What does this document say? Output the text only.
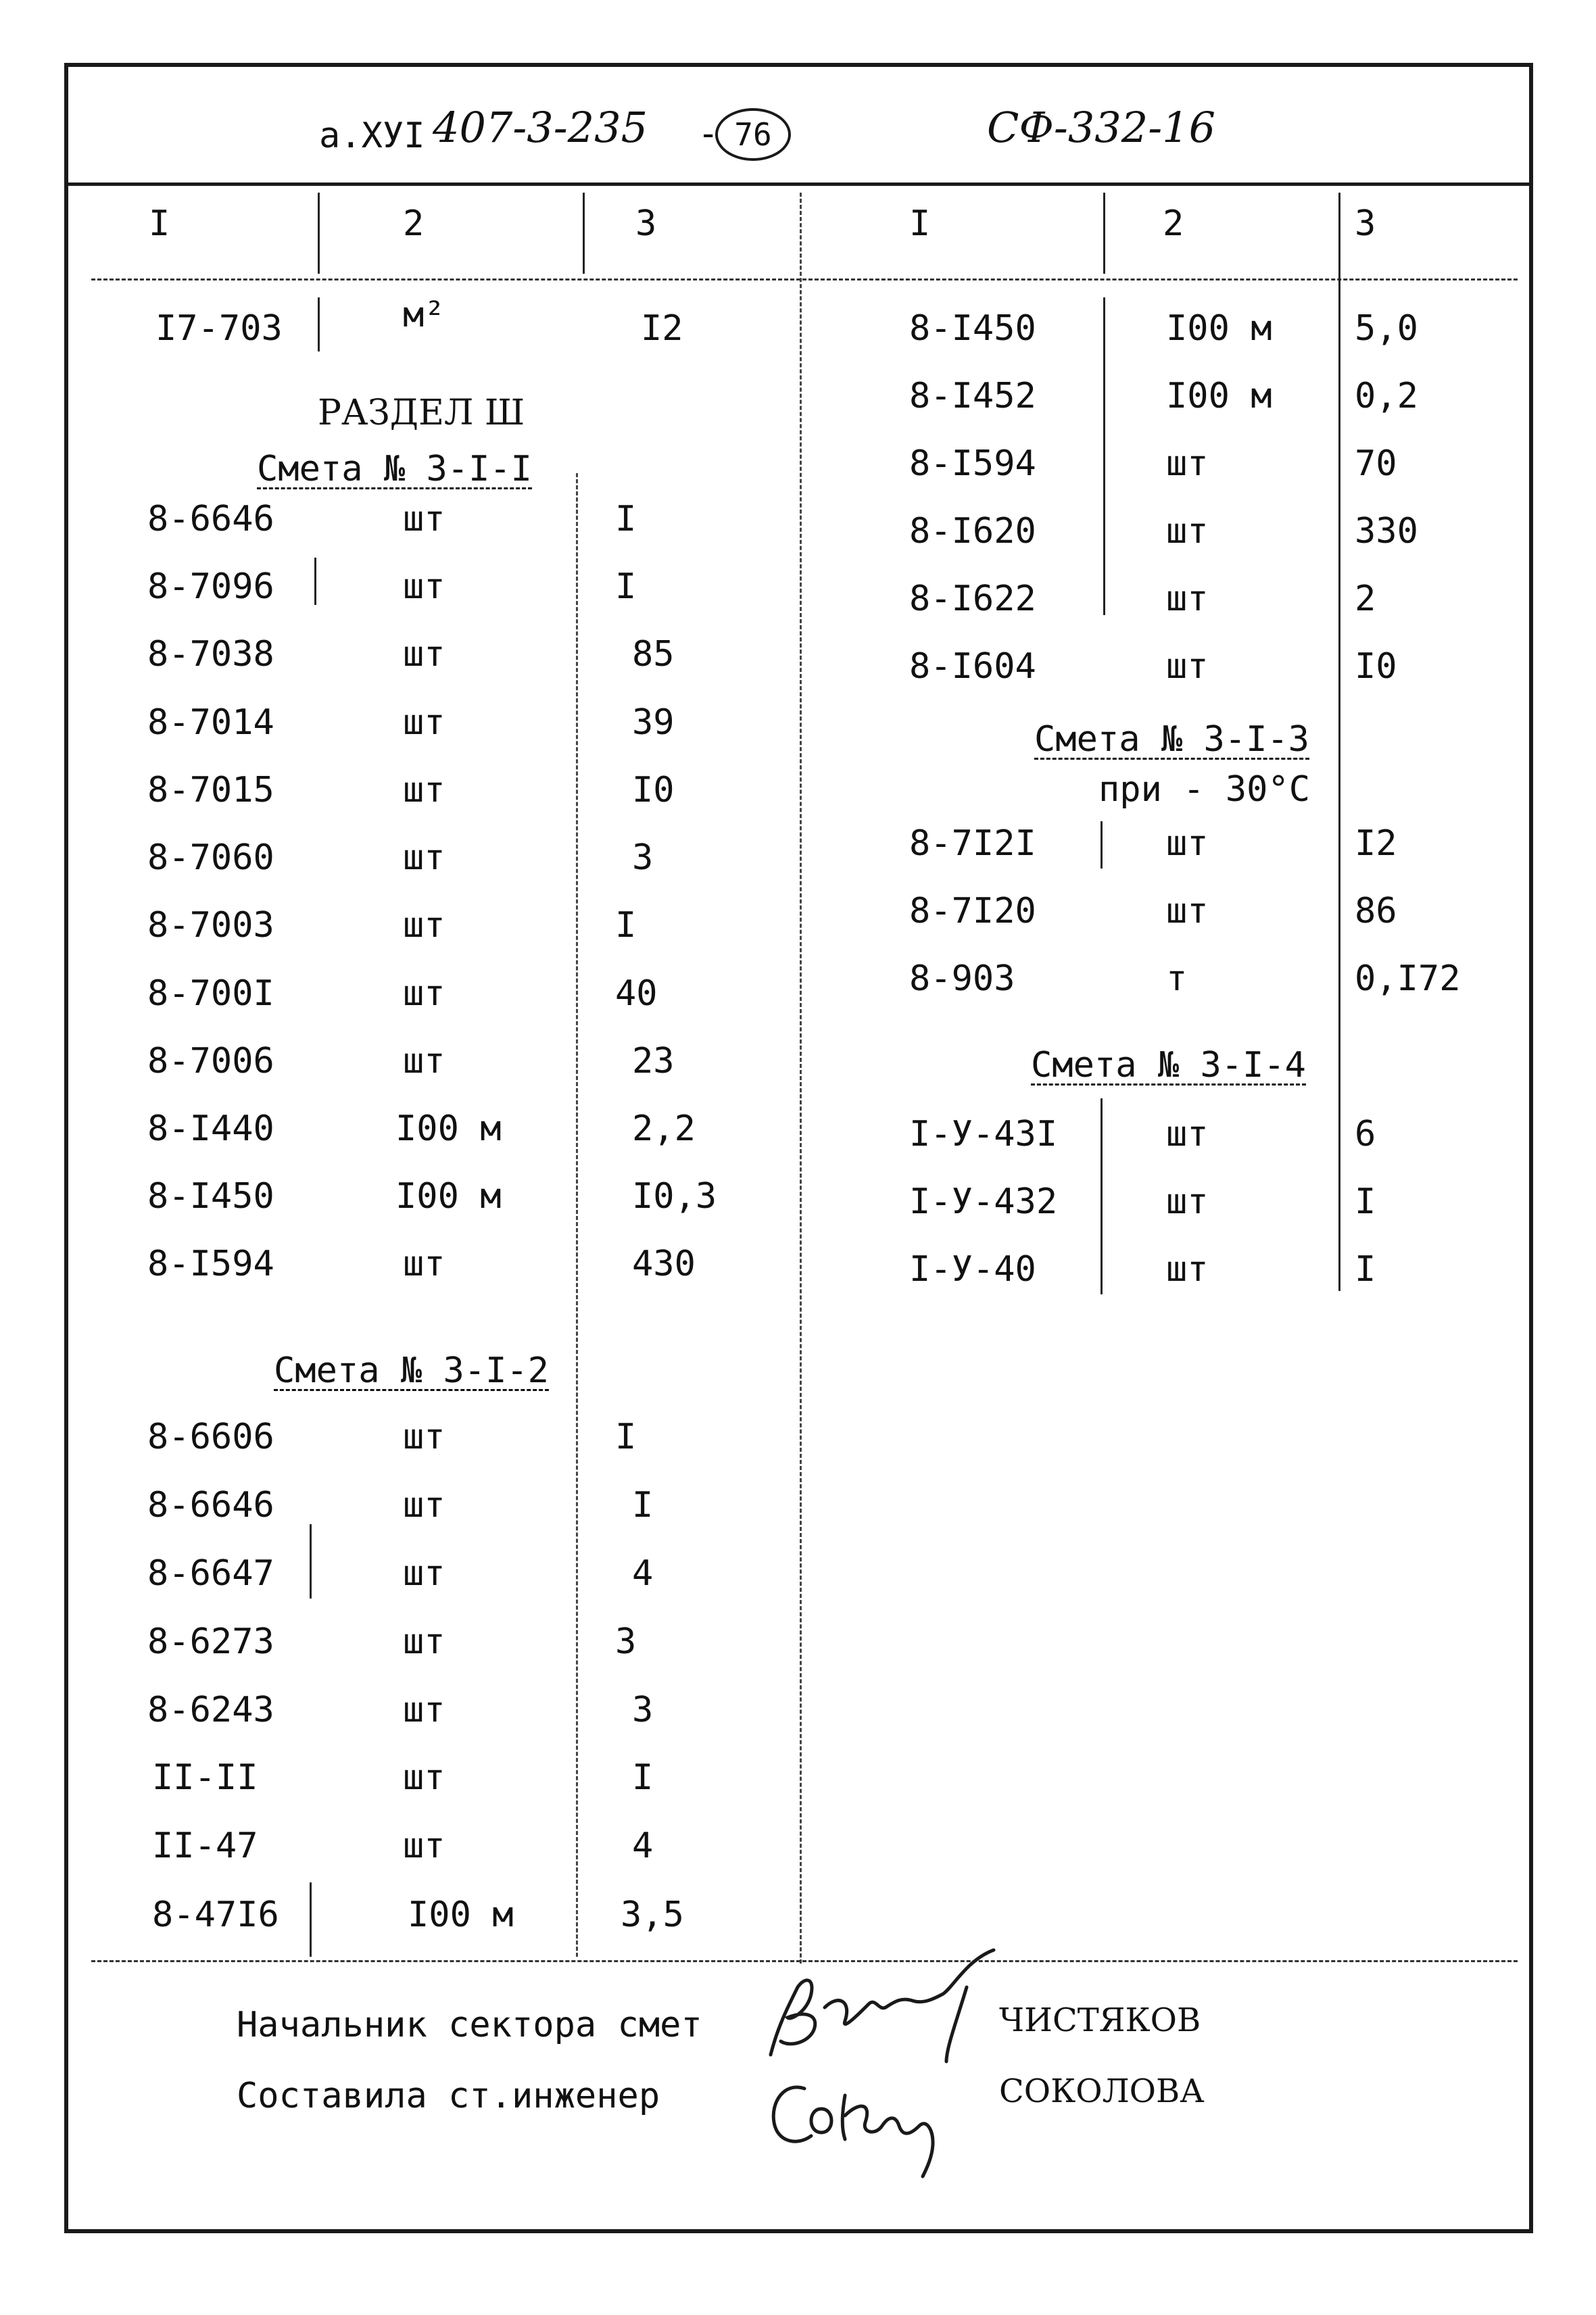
а.ХУI 407-3-235 - 76	СФ-332-16
I	2	3	I	2	3
I7-703	м²	I2
РАЗДЕЛ Ш
Смета № 3-I-I
8-6646	шт	I
8-7096	шт	I
8-7038	шт	85
8-7014	шт	39
8-7015	шт	I0
8-7060	шт	3
8-7003	шт	I
8-700I	шт	40
8-7006	шт	23
8-I440	I00 м	2,2
8-I450	I00 м	I0,3
8-I594	шт	430
Смета № 3-I-2
8-6606	шт	I
8-6646	шт	I
8-6647	шт	4
8-6273	шт	3
8-6243	шт	3
II-II	шт	I
II-47	шт	4
8-47I6	I00 м	3,5
8-I450	I00 м 5,0
8-I452	I00 м 0,2
8-I594	шт	70
8-I620	шт	330
8-I622	шт	2
8-I604	шт	I0
Смета № 3-I-3
при - 30°С
8-7I2I	шт	I2
8-7I20	шт	86
8-903	т	0,I72
Смета № 3-I-4
I-У-43I	шт	6
I-У-432	шт	I
I-У-40	шт	I
Начальник сектора смет	ЧИСТЯКОВ
Составила ст.инженер	СОКОЛОВА
